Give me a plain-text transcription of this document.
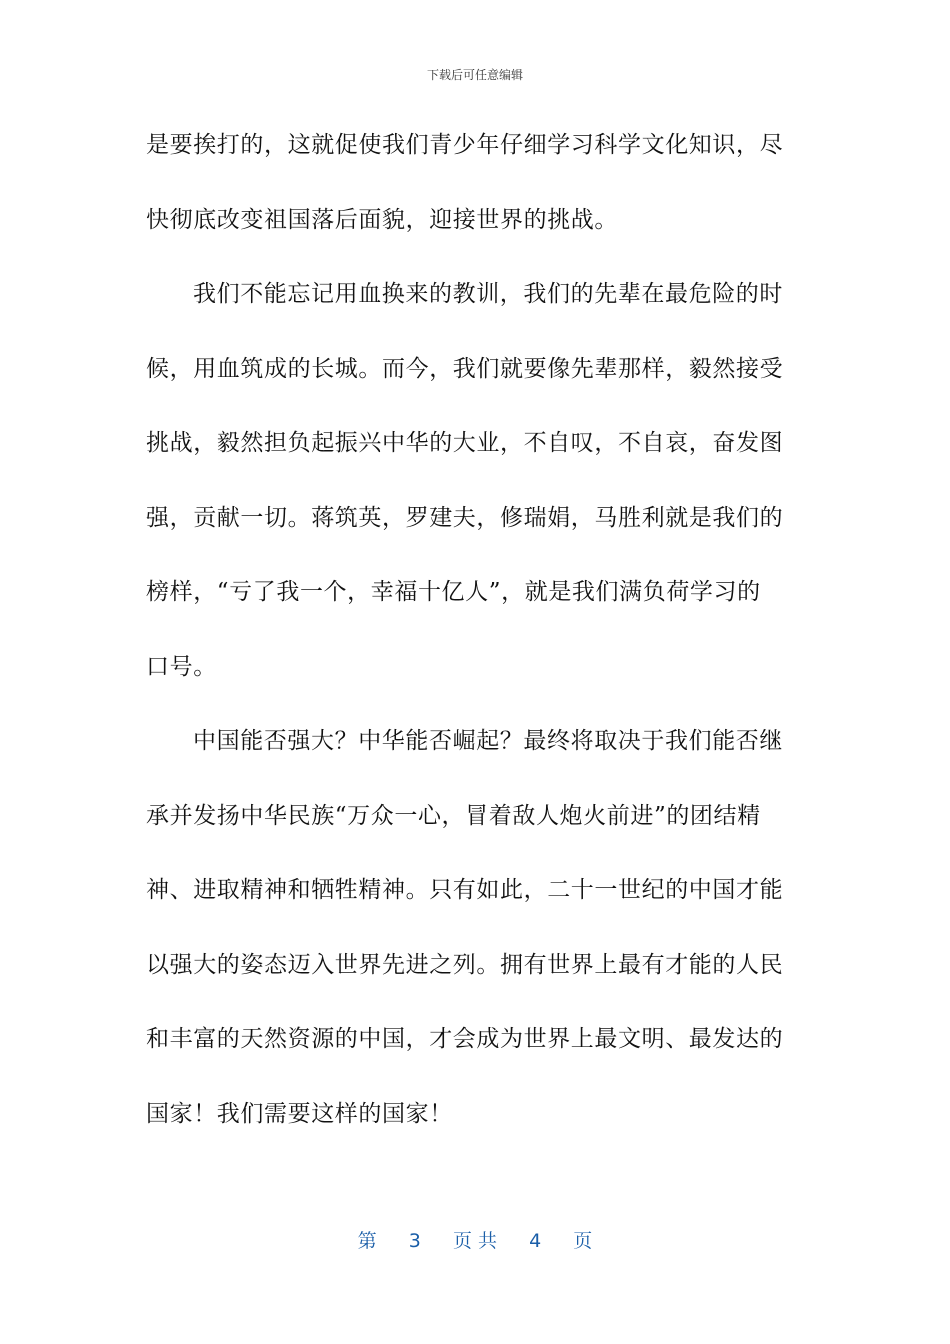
下载后可任意编辑
是要挨打的，这就促使我们青少年仔细学习科学文化知识，尽
快彻底改变祖国落后面貌，迎接世界的挑战。
我们不能忘记用血换来的教训，我们的先辈在最危险的时
候，用血筑成的长城。而今，我们就要像先辈那样，毅然接受
挑战，毅然担负起振兴中华的大业，不自叹，不自哀，奋发图
强，贡献一切。蒋筑英，罗建夫，修瑞娟，马胜利就是我们的
榜样，“亏了我一个，幸福十亿人”，就是我们满负荷学习的
口号。
中国能否强大？中华能否崛起？最终将取决于我们能否继
承并发扬中华民族“万众一心，冒着敌人炮火前进”的团结精
神、进取精神和牺牲精神。只有如此，二十一世纪的中国才能
以强大的姿态迈入世界先进之列。拥有世界上最有才能的人民
和丰富的天然资源的中国，才会成为世界上最文明、最发达的
国家！我们需要这样的国家！
第 3 页 共 4 页
